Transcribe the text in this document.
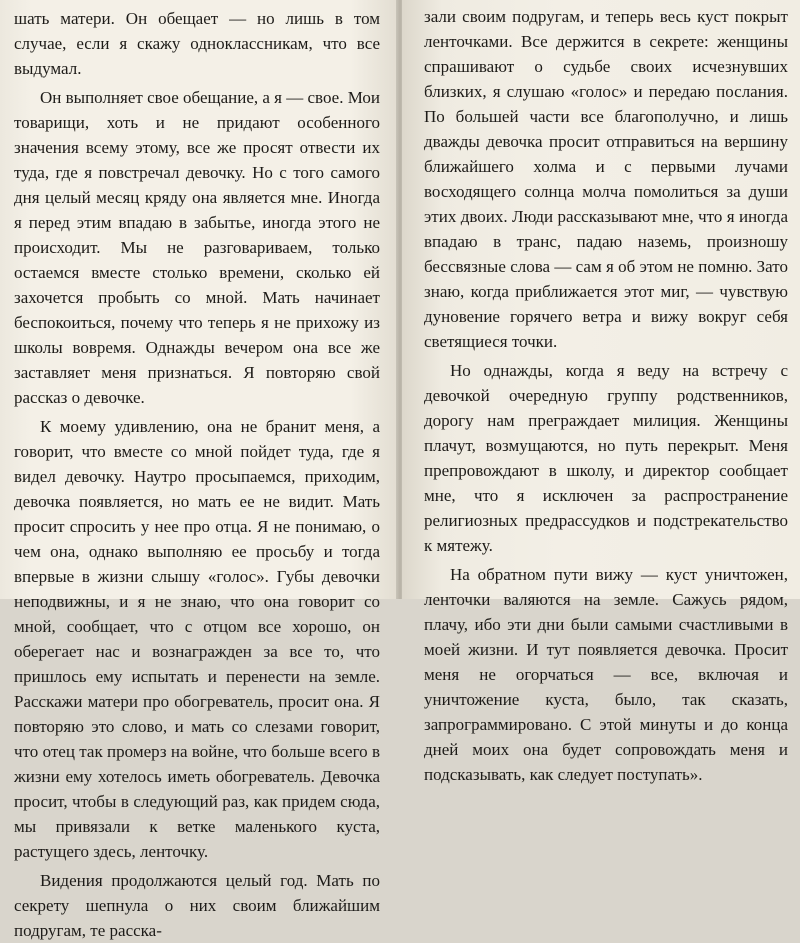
шать матери. Он обещает — но лишь в том случае, если я скажу одноклассникам, что все выдумал.

Он выполняет свое обещание, а я — свое. Мои товарищи, хоть и не придают особенного значения всему этому, все же просят отвести их туда, где я повстречал девочку. Но с того самого дня целый месяц кряду она является мне. Иногда я перед этим впадаю в забытье, иногда этого не происходит. Мы не разговариваем, только остаемся вместе столько времени, сколько ей захочется пробыть со мной. Мать начинает беспокоиться, почему что теперь я не прихожу из школы вовремя. Однажды вечером она все же заставляет меня признаться. Я повторяю свой рассказ о девочке.

К моему удивлению, она не бранит меня, а говорит, что вместе со мной пойдет туда, где я видел девочку. Наутро просыпаемся, приходим, девочка появляется, но мать ее не видит. Мать просит спросить у нее про отца. Я не понимаю, о чем она, однако выполняю ее просьбу и тогда впервые в жизни слышу «голос». Губы девочки неподвижны, и я не знаю, что она говорит со мной, сообщает, что с отцом все хорошо, он оберегает нас и вознагражден за все то, что пришлось ему испытать и перенести на земле. Расскажи матери про обогреватель, просит она. Я повторяю это слово, и мать со слезами говорит, что отец так промерз на войне, что больше всего в жизни ему хотелось иметь обогреватель. Девочка просит, чтобы в следующий раз, как придем сюда, мы привязали к ветке маленького куста, растущего здесь, ленточку.

Видения продолжаются целый год. Мать по секрету шепнула о них своим ближайшим подругам, те расска-

зали своим подругам, и теперь весь куст покрыт ленточками. Все держится в секрете: женщины спрашивают о судьбе своих исчезнувших близких, я слушаю «голос» и передаю послания. По большей части все благополучно, и лишь дважды девочка просит отправиться на вершину ближайшего холма и с первыми лучами восходящего солнца молча помолиться за души этих двоих. Люди рассказывают мне, что я иногда впадаю в транс, падаю наземь, произношу бессвязные слова — сам я об этом не помню. Зато знаю, когда приближается этот миг, — чувствую дуновение горячего ветра и вижу вокруг себя светящиеся точки.

Но однажды, когда я веду на встречу с девочкой очередную группу родственников, дорогу нам преграждает милиция. Женщины плачут, возмущаются, но путь перекрыт. Меня препровождают в школу, и директор сообщает мне, что я исключен за распространение религиозных предрассудков и подстрекательство к мятежу.

На обратном пути вижу — куст уничтожен, ленточки валяются на земле. Сажусь рядом, плачу, ибо эти дни были самыми счастливыми в моей жизни. И тут появляется девочка. Просит меня не огорчаться — все, включая и уничтожение куста, было, так сказать, запрограммировано. С этой минуты и до конца дней моих она будет сопровождать меня и подсказывать, как следует поступать».
